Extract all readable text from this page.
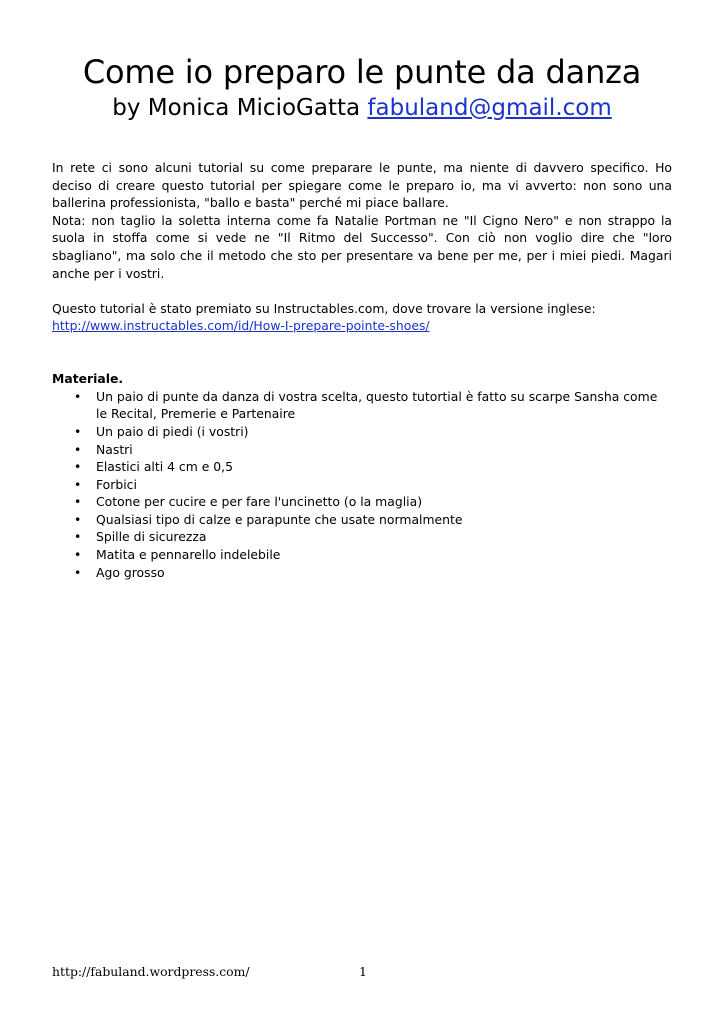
Come io preparo le punte da danza
by Monica MicioGatta fabuland@gmail.com

In rete ci sono alcuni tutorial su come preparare le punte, ma niente di davvero specifico. Ho deciso di creare questo tutorial per spiegare come le preparo io, ma vi avverto: non sono una ballerina professionista, "ballo e basta" perché mi piace ballare.

Nota: non taglio la soletta interna come fa Natalie Portman ne "Il Cigno Nero" e non strappo la suola in stoffa come si vede ne "Il Ritmo del Successo". Con ciò non voglio dire che "loro sbagliano", ma solo che il metodo che sto per presentare va bene per me, per i miei piedi. Magari anche per i vostri.

Questo tutorial è stato premiato su Instructables.com, dove trovare la versione inglese:

http://www.instructables.com/id/How-I-prepare-pointe-shoes/

Materiale.

• Un paio di punte da danza di vostra scelta, questo tutortial è fatto su scarpe Sansha come le Recital, Premerie e Partenaire
• Un paio di piedi (i vostri)
• Nastri
• Elastici alti 4 cm e 0,5
• Forbici
• Cotone per cucire e per fare l'uncinetto (o la maglia)
• Qualsiasi tipo di calze e parapunte che usate normalmente
• Spille di sicurezza
• Matita e pennarello indelebile
• Ago grosso
http://fabuland.wordpress.com/	1
